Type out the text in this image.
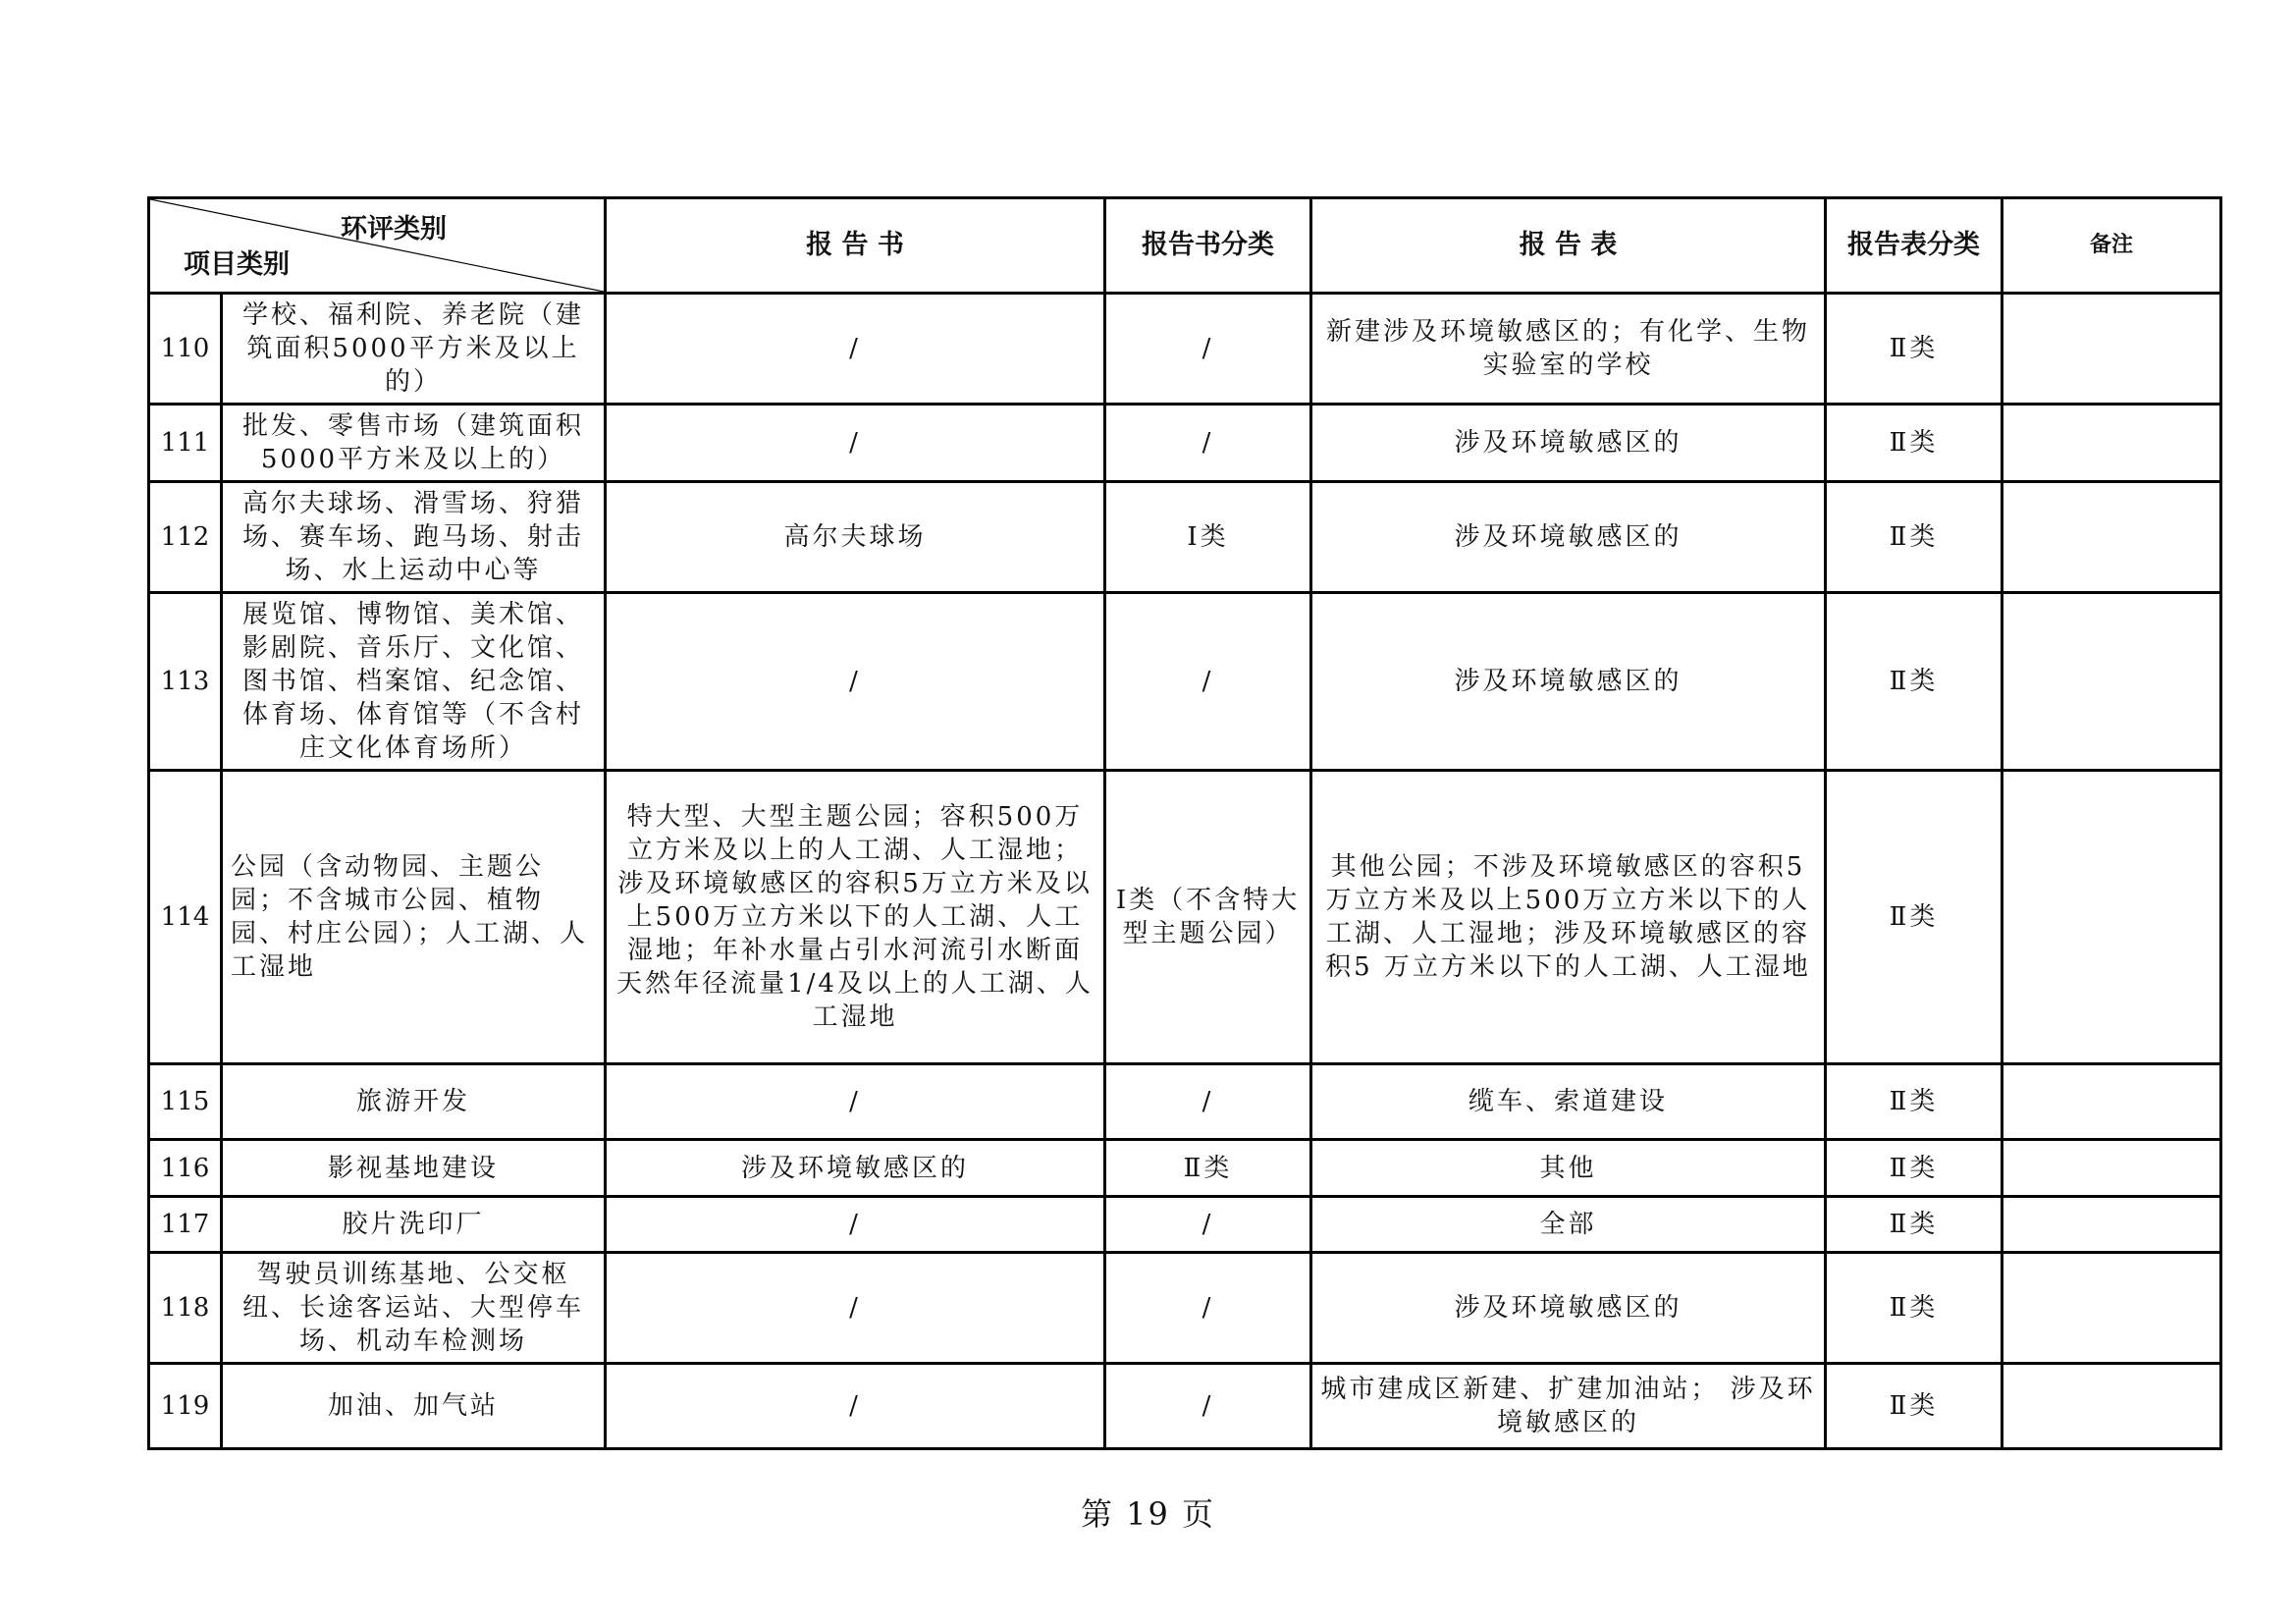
环评类别
项目类别		报 告 书	报告书分类	报 告 表	报告表分类	备注
110	学校、福利院、养老院（建筑面积5000平方米及以上的）	/	/	新建涉及环境敏感区的；有化学、生物实验室的学校	Ⅱ类	
111	批发、零售市场（建筑面积5000平方米及以上的）	/	/	涉及环境敏感区的	Ⅱ类	
112	高尔夫球场、滑雪场、狩猎场、赛车场、跑马场、射击场、水上运动中心等	高尔夫球场	Ⅰ类	涉及环境敏感区的	Ⅱ类	
113	展览馆、博物馆、美术馆、影剧院、音乐厅、文化馆、图书馆、档案馆、纪念馆、体育场、体育馆等（不含村庄文化体育场所）	/	/	涉及环境敏感区的	Ⅱ类	
114	公园（含动物园、主题公园；不含城市公园、植物园、村庄公园）；人工湖、人工湿地	特大型、大型主题公园；容积500万立方米及以上的人工湖、人工湿地；涉及环境敏感区的容积5万立方米及以上500万立方米以下的人工湖、人工湿地；年补水量占引水河流引水断面天然年径流量1/4及以上的人工湖、人工湿地	Ⅰ类（不含特大型主题公园）	其他公园；不涉及环境敏感区的容积5万立方米及以上500万立方米以下的人工湖、人工湿地；涉及环境敏感区的容积5 万立方米以下的人工湖、人工湿地	Ⅱ类	
115	旅游开发	/	/	缆车、索道建设	Ⅱ类	
116	影视基地建设	涉及环境敏感区的	Ⅱ类	其他	Ⅱ类	
117	胶片洗印厂	/	/	全部	Ⅱ类	
118	驾驶员训练基地、公交枢纽、长途客运站、大型停车场、机动车检测场	/	/	涉及环境敏感区的	Ⅱ类	
119	加油、加气站	/	/	城市建成区新建、扩建加油站； 涉及环境敏感区的	Ⅱ类	
第 19 页
